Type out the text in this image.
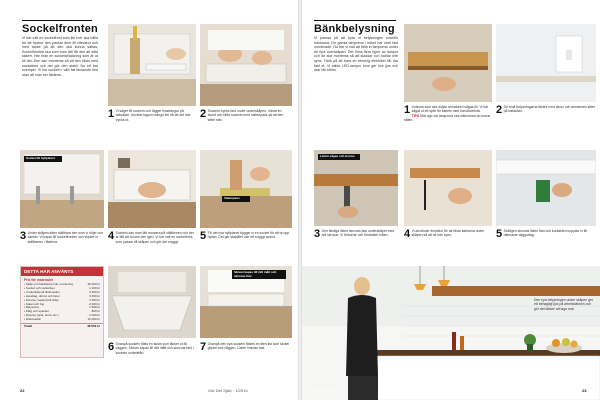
Sockelfronten
Vi har valt en sockelfront som lite mer ska hålla för att trycker den passar dem till vitevaror och med tanke på att den ska kunna sättas. Sockelfronten ska som man lätt får den att sitta säkert. Har man en sockelsträckning som är ut till det. Den kan monteras så att den fästs med sockelben och det gör den stabil. Nu ett bra exempel. Vi har sockeln i vårt fall täckande ben utan att man ser fästena.
1 Vi såger till sockeln och lägger limsträngar på baksidan. Använd lagom mängd lim så att det inte trycks ut.	2 Sockeln trycks fast under underskåpen. Vänta en stund och rätta sockeln med vattenpass så att den sitter rakt.
Sockel till hyllplanet
Vattenpass
3 Under skåpen sitter ställbara ben som vi höjer och sänker. Vi kapar till sockelfronten och skjuter in ställbenen i fästena.	4 Sockeln kan man lätt montera på ställbenen och det är lätt att ta loss den igen. Vi har valt en sockelfront som passar till skåpen och gör det snyggt.	5 Till det nya hyllplanet bygger vi en sockel för att ta upp hyllan. Det ger stabilitet och ett snyggt avslut.
DETTA HAR ANVÄNTS
Pris för materialet
• Skåp och bänkskiva inkl. montering	36 000 kr
• Sockel och sockelben	1 200 kr
• Underskåp till diskmaskin	2 500 kr
• Handtag, dörrar och lister	3 000 kr
• Diverse material till skåp	1 500 kr
• Kakel och fog	2 000 kr
• Belysning	1 500 kr
• Färg och spackel	800 kr
• Diverse (spik, skruv etc.)	1 000 kr
• Diskmaskin	12 000 kr
Totalt	48 653 kr
Skivan kapas till rätt mått och skruvas fast
6 Ovanpå sockeln fästs en skiva som täcker ut till väggen. Skivan kapas till rätt mått och skruvas fast i sockeln underifrån.	7 Ovanpå den nya sockeln fästes en liten list som täcker glipan mot väggen. Listen limmas fast.
22	Gör Det Själv · 1/2013
Bänkbelysning
Vi passar på att byta ut belysningen ovanför bänkarna. De gamla lamporna i köket har varit fast monterade. Nu har vi valt att fälla in lamporna under de fyra överskåpen. Det finns flera typer av lampor och de ska monteras så att sladdar och kablar inte syns. Tänk på att bara en behörig elektriker får dra fast el. Vi valde LED-lampor som ger bra ljus och drar lite ström.
1 Listerna som ska döljas armaturen sågas till. Vi har sågat ut ett spår för kabeln med handöverfräs.
TIPS Mät upp var lamporna ska sitta innan du borrar hålen.
2 De små belysningarna fästes med skruv och armaturen sitter på baksidan.
Listen sågas och borras
3 Den färdiga listen skruvas fast underskåpet med två skruvar. Vi förborrar och försänker hålen.	4 Vi använder limpistol för att fästa kablarna under skåpen så att de inte syns.	5 Slutligen skruvas listen fast och kontakten kopplas in till närmaste vägguttag.
Den nya belysningen under skåpen ger ett behagligt ljus på arbetsbänken och gör det lättare att laga mat.
Gör Det Själv	23
